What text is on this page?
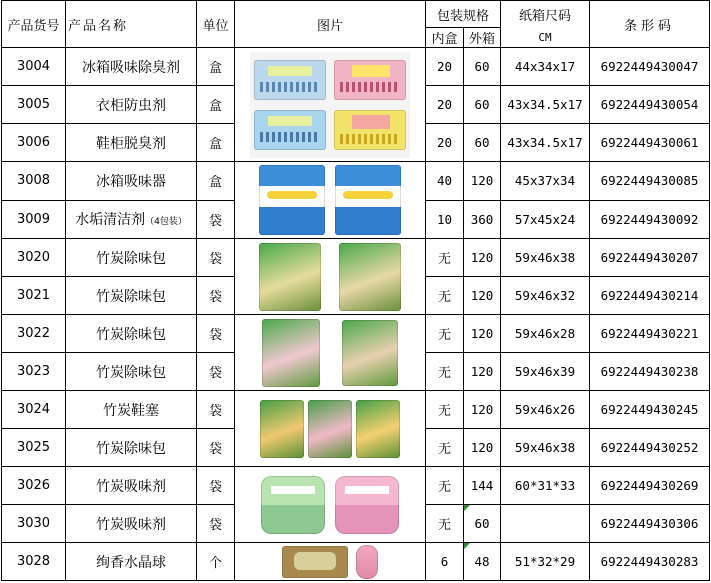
产品货号	产品名称	单位	图片	包装规格		纸箱尺码	条形码
				内盒	外箱	CM	
3004	冰箱吸味除臭剂	盒		20	60	44x34x17	6922449430047
3005	衣柜防虫剂	盒		20	60	43x34.5x17	6922449430054
3006	鞋柜脱臭剂	盒		20	60	43x34.5x17	6922449430061
3008	冰箱吸味器	盒		40	120	45x37x34	6922449430085
3009	水垢清洁剂（4包装）	袋		10	360	57x45x24	6922449430092
3020	竹炭除味包	袋		无	120	59x46x38	6922449430207
3021	竹炭除味包	袋		无	120	59x46x32	6922449430214
3022	竹炭除味包	袋		无	120	59x46x28	6922449430221
3023	竹炭除味包	袋		无	120	59x46x39	6922449430238
3024	竹炭鞋塞	袋		无	120	59x46x26	6922449430245
3025	竹炭除味包	袋		无	120	59x46x38	6922449430252
3026	竹炭吸味剂	袋		无	144	60*31*33	6922449430269
3030	竹炭吸味剂	袋		无	60		6922449430306
3028	绚香水晶球	个		6	48	51*32*29	6922449430283
